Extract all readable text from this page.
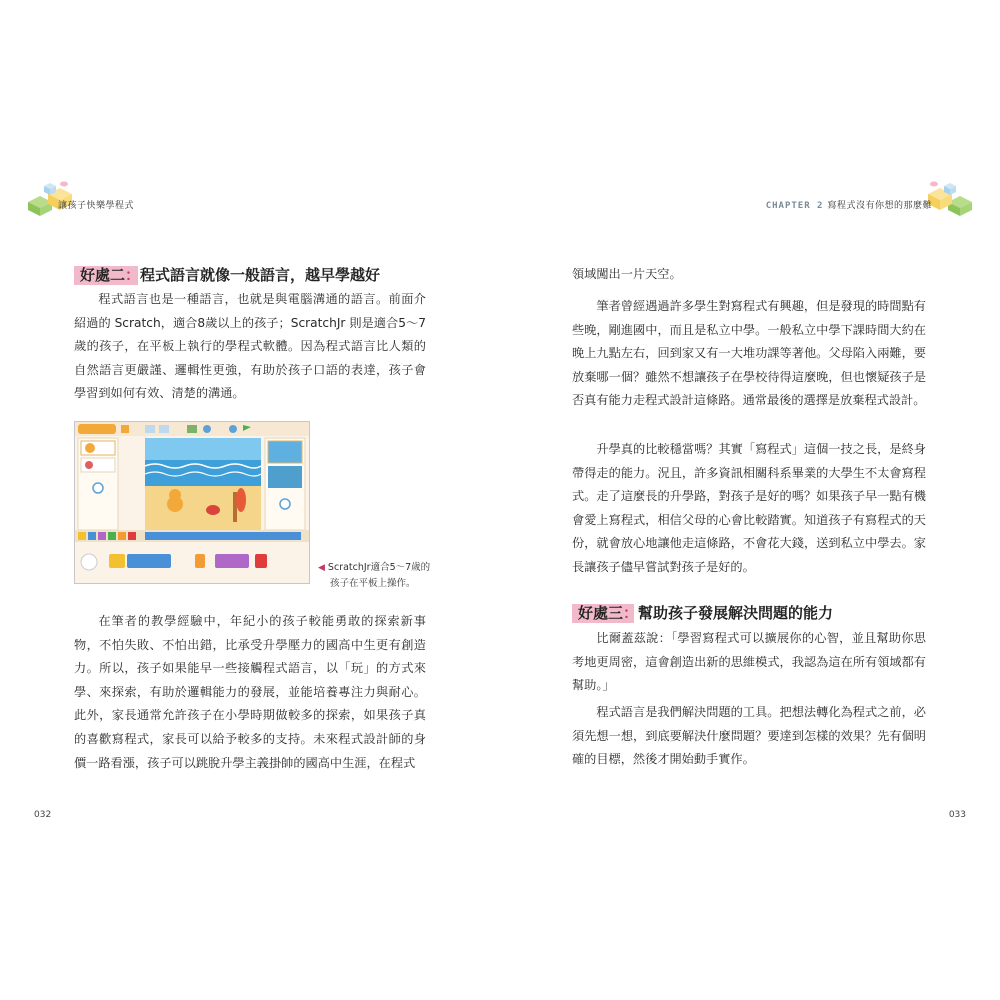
讓孩子快樂學程式	CHAPTER 2 寫程式沒有你想的那麼難
好處二：程式語言就像一般語言，越早學越好

程式語言也是一種語言，也就是與電腦溝通的語言。前面介紹過的 Scratch，適合8歲以上的孩子；ScratchJr 則是適合5～7歲的孩子，在平板上執行的學程式軟體。因為程式語言比人類的自然語言更嚴謹、邏輯性更強，有助於孩子口語的表達，孩子會學習到如何有效、清楚的溝通。

◀ ScratchJr適合5～7歲的
孩子在平板上操作。

在筆者的教學經驗中，年紀小的孩子較能勇敢的探索新事物，不怕失敗、不怕出錯，比承受升學壓力的國高中生更有創造力。所以，孩子如果能早一些接觸程式語言，以「玩」的方式來學、來探索，有助於邏輯能力的發展，並能培養專注力與耐心。此外，家長通常允許孩子在小學時期做較多的探索，如果孩子真的喜歡寫程式，家長可以給予較多的支持。未來程式設計師的身價一路看漲，孩子可以跳脫升學主義掛帥的國高中生涯，在程式

032

領域闖出一片天空。

筆者曾經遇過許多學生對寫程式有興趣，但是發現的時間點有些晚，剛進國中，而且是私立中學。一般私立中學下課時間大約在晚上九點左右，回到家又有一大堆功課等著他。父母陷入兩難，要放棄哪一個？雖然不想讓孩子在學校待得這麼晚，但也懷疑孩子是否真有能力走程式設計這條路。通常最後的選擇是放棄程式設計。

升學真的比較穩當嗎？其實「寫程式」這個一技之長，是終身帶得走的能力。況且，許多資訊相關科系畢業的大學生不太會寫程式。走了這麼長的升學路，對孩子是好的嗎？如果孩子早一點有機會愛上寫程式，相信父母的心會比較踏實。知道孩子有寫程式的天份，就會放心地讓他走這條路，不會花大錢，送到私立中學去。家長讓孩子儘早嘗試對孩子是好的。

好處三：幫助孩子發展解決問題的能力

比爾蓋茲說：「學習寫程式可以擴展你的心智，並且幫助你思考地更周密，這會創造出新的思維模式，我認為這在所有領域都有幫助。」

程式語言是我們解決問題的工具。把想法轉化為程式之前，必須先想一想，到底要解決什麼問題？要達到怎樣的效果？先有個明確的目標，然後才開始動手實作。

033
